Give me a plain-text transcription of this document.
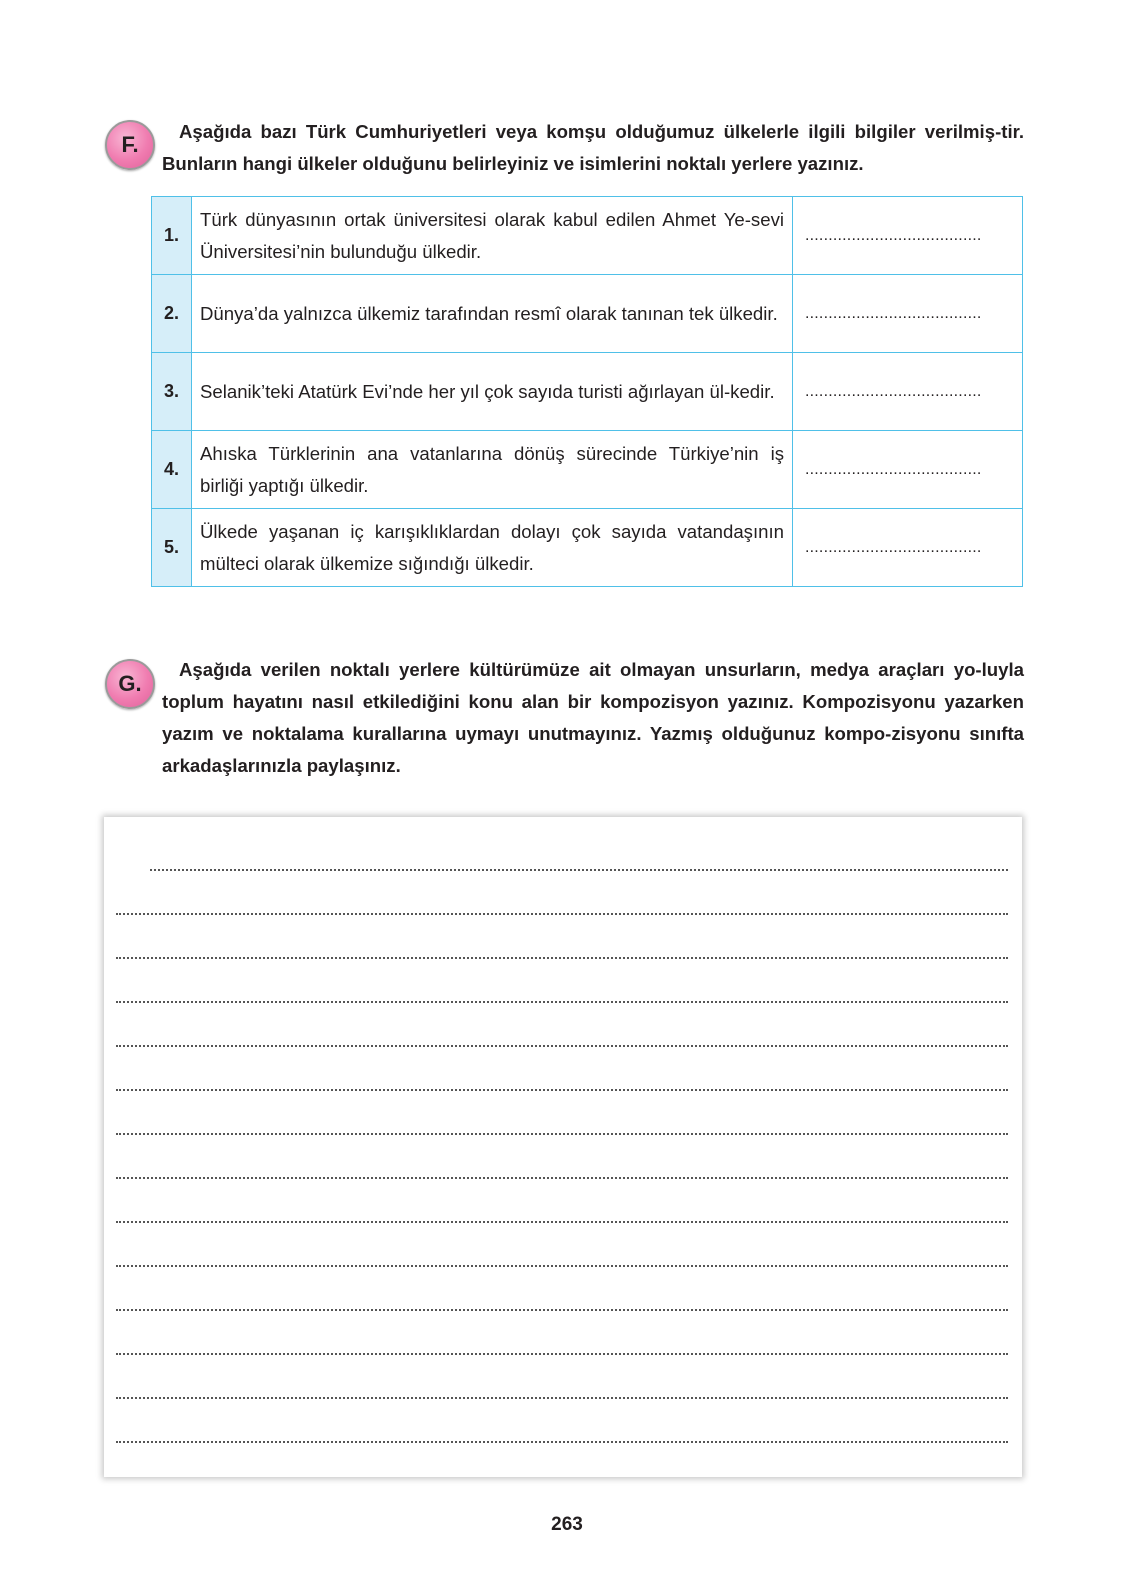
F.
Aşağıda bazı Türk Cumhuriyetleri veya komşu olduğumuz ülkelerle ilgili bilgiler verilmiş-tir. Bunların hangi ülkeler olduğunu belirleyiniz ve isimlerini noktalı yerlere yazınız.
1.	Türk dünyasının ortak üniversitesi olarak kabul edilen Ahmet Ye-sevi Üniversitesi’nin bulunduğu ülkedir.	......................................

2.	Dünya’da yalnızca ülkemiz tarafından resmî olarak tanınan tek ülkedir.	......................................

3.	Selanik’teki Atatürk Evi’nde her yıl çok sayıda turisti ağırlayan ül-kedir.	......................................

4.	Ahıska Türklerinin ana vatanlarına dönüş sürecinde Türkiye’nin iş birliği yaptığı ülkedir.	......................................

5.	Ülkede yaşanan iç karışıklıklardan dolayı çok sayıda vatandaşının mülteci olarak ülkemize sığındığı ülkedir.	......................................
G.
Aşağıda verilen noktalı yerlere kültürümüze ait olmayan unsurların, medya araçları yo-luyla toplum hayatını nasıl etkilediğini konu alan bir kompozisyon yazınız. Kompozisyonu yazarken yazım ve noktalama kurallarına uymayı unutmayınız. Yazmış olduğunuz kompo-zisyonu sınıfta arkadaşlarınızla paylaşınız.
263
